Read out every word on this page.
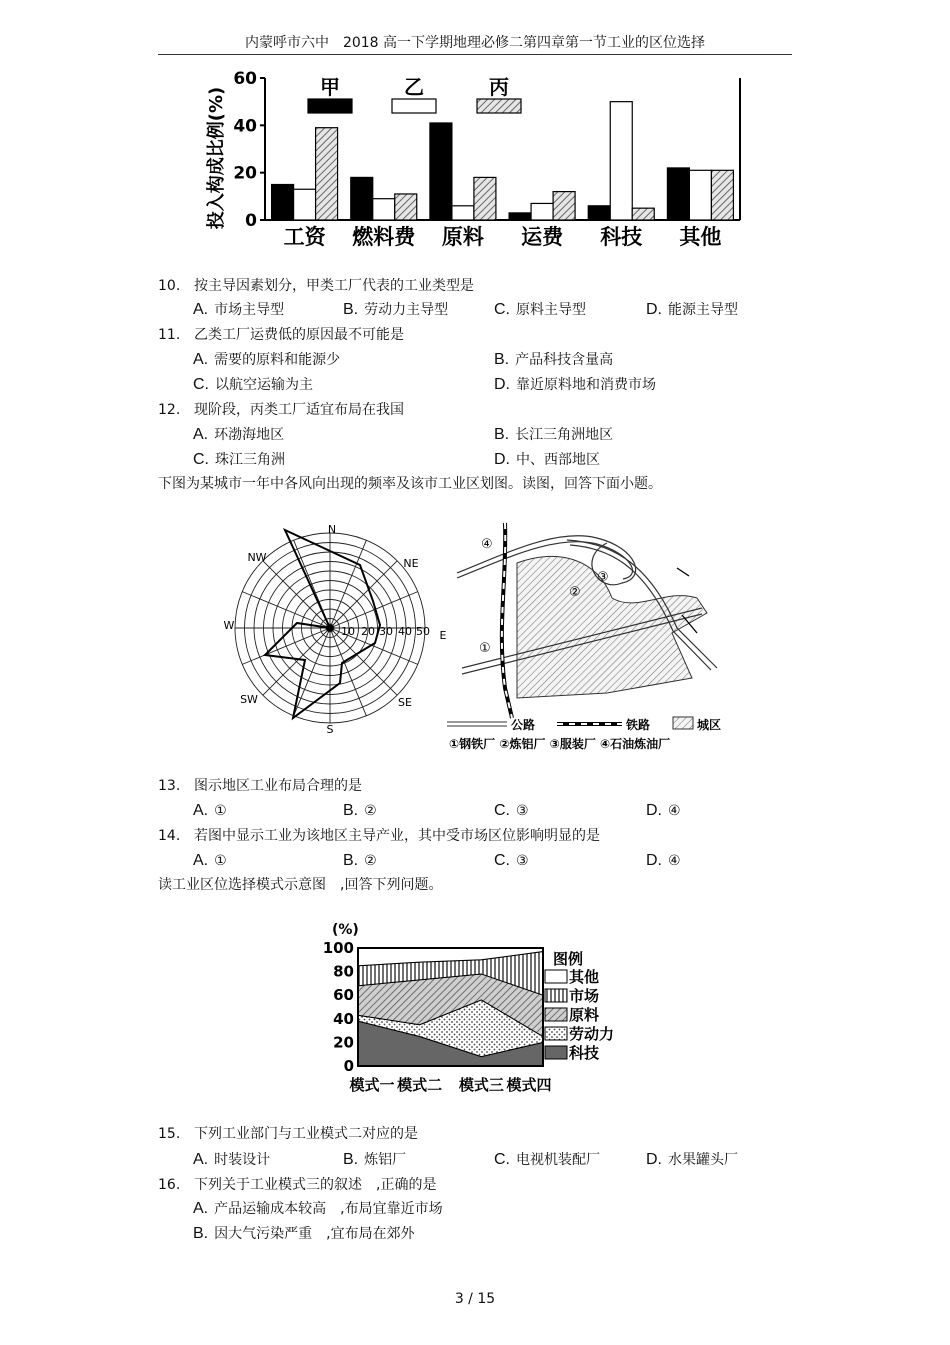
内蒙呼市六中　2018 高一下学期地理必修二第四章第一节工业的区位选择
投入构成比例(%) 0
20
40
60
工资 燃料费 原料 运费 科技 其他
甲	乙	丙
10. 按主导因素划分，甲类工厂代表的工业类型是
A. 市场主导型	B. 劳动力主导型	C. 原料主导型	D. 能源主导型
11. 乙类工厂运费低的原因最不可能是
A. 需要的原料和能源少	B. 产品科技含量高
C. 以航空运输为主	D. 靠近原料地和消费市场
12. 现阶段，丙类工厂适宜布局在我国
A. 环渤海地区	B. 长江三角洲地区
C. 珠江三角洲	D. 中、西部地区
下图为某城市一年中各风向出现的频率及该市工业区划图。读图，回答下面小题。
N
NE
E
SE
S
SW
W
NW
10 20 30 40 50
④
③
②
①
公路	铁路	城区
①钢铁厂 ②炼铝厂 ③服装厂 ④石油炼油厂
13. 图示地区工业布局合理的是
A. ①	B. ②	C. ③	D. ④
14. 若图中显示工业为该地区主导产业，其中受市场区位影响明显的是
A. ①	B. ②	C. ③	D. ④
读工业区位选择模式示意图　,回答下列问题。
(%)
0
20
40
60
80
100
模式一 模式二 模式三 模式四
图例
其他
市场
原料
劳动力
科技
15. 下列工业部门与工业模式二对应的是
A. 时装设计	B. 炼铝厂	C. 电视机装配厂	D. 水果罐头厂
16. 下列关于工业模式三的叙述　,正确的是
A. 产品运输成本较高　,布局宜靠近市场
B. 因大气污染严重　,宜布局在郊外
3 / 15
